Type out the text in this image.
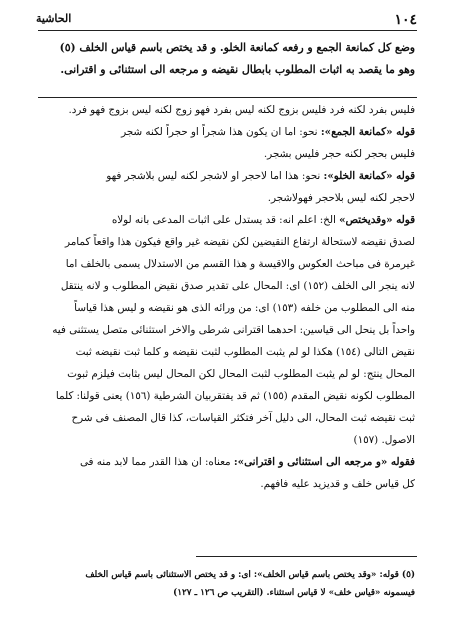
١٠٤
الحاشية
وضع كل كمانعة الجمع و رفعه كمانعة الخلو. و قد يختص باسم قياس الخلف (٥)
وهو ما يقصد به اثبات المطلوب بابطال نقيضه و مرجعه الى استثنائى و اقترانى.
فليس بفرد لكنه فرد فليس بزوج لكنه ليس بفرد فهو زوج لكنه ليس بزوج فهو فرد.
قوله «كمانعة الجمع»: نحو: اما ان يكون هذا شجراً او حجراً لكنه شجر
فليس بحجر لكنه حجر فليس بشجر.
قوله «كمانعة الخلو»: نحو: هذا اما لاحجر او لاشجر لكنه ليس بلاشجر فهو
لاحجر لكنه ليس بلاحجر فهولاشجر.
قوله «وقديختص» الخ: اعلم انه: قد يستدل على اثبات المدعى بانه لولاه
لصدق نقيضه لاستحالة ارتفاع النقيضين لكن نقيضه غير واقع فيكون هذا واقعاً كمامر
غيرمرة فى مباحث العكوس والاقيسة و هذا القسم من الاستدلال يسمى بالخلف اما
لانه ينجر الى الخلف (١٥٢) اى: المحال على تقدير صدق نقيض المطلوب و لانه ينتقل
منه الى المطلوب من خلفه (١٥٣) اى: من ورائه الذى هو نقيضه و ليس هذا قياساً
واحداً بل ينحل الى قياسين: احدهما اقترانى شرطى والاخر استثنائى متصل يستثنى فيه
نقيض التالى (١٥٤) هكذا لو لم يثبت المطلوب لثبت نقيضه و كلما ثبت نقيضه ثبت
المحال ينتج: لو لم يثبت المطلوب لثبت المحال لكن المحال ليس بثابت فيلزم ثبوت
المطلوب لكونه نقيض المقدم (١٥٥) ثم قد يفتقربيان الشرطية (١٥٦) يعنى قولنا: كلما
ثبت نقيضه ثبت المحال، الى دليل آخر فتكثر القياسات، كذا قال المصنف فى شرح
الاصول. (١٥٧)
فقوله «و مرجعه الى استثنائى و اقترانى»: معناه: ان هذا القدر مما لابد منه فى
كل قياس خلف و قديزيد عليه فافهم.
(٥) قوله: «وقد يختص باسم قياس الخلف»: اى: و قد يختص الاستثنائى باسم قياس الخلف
فيسمونه «قياس خلف» لا قياس استثناء. (التقريب ص ١٢٦ ـ ١٢٧)
